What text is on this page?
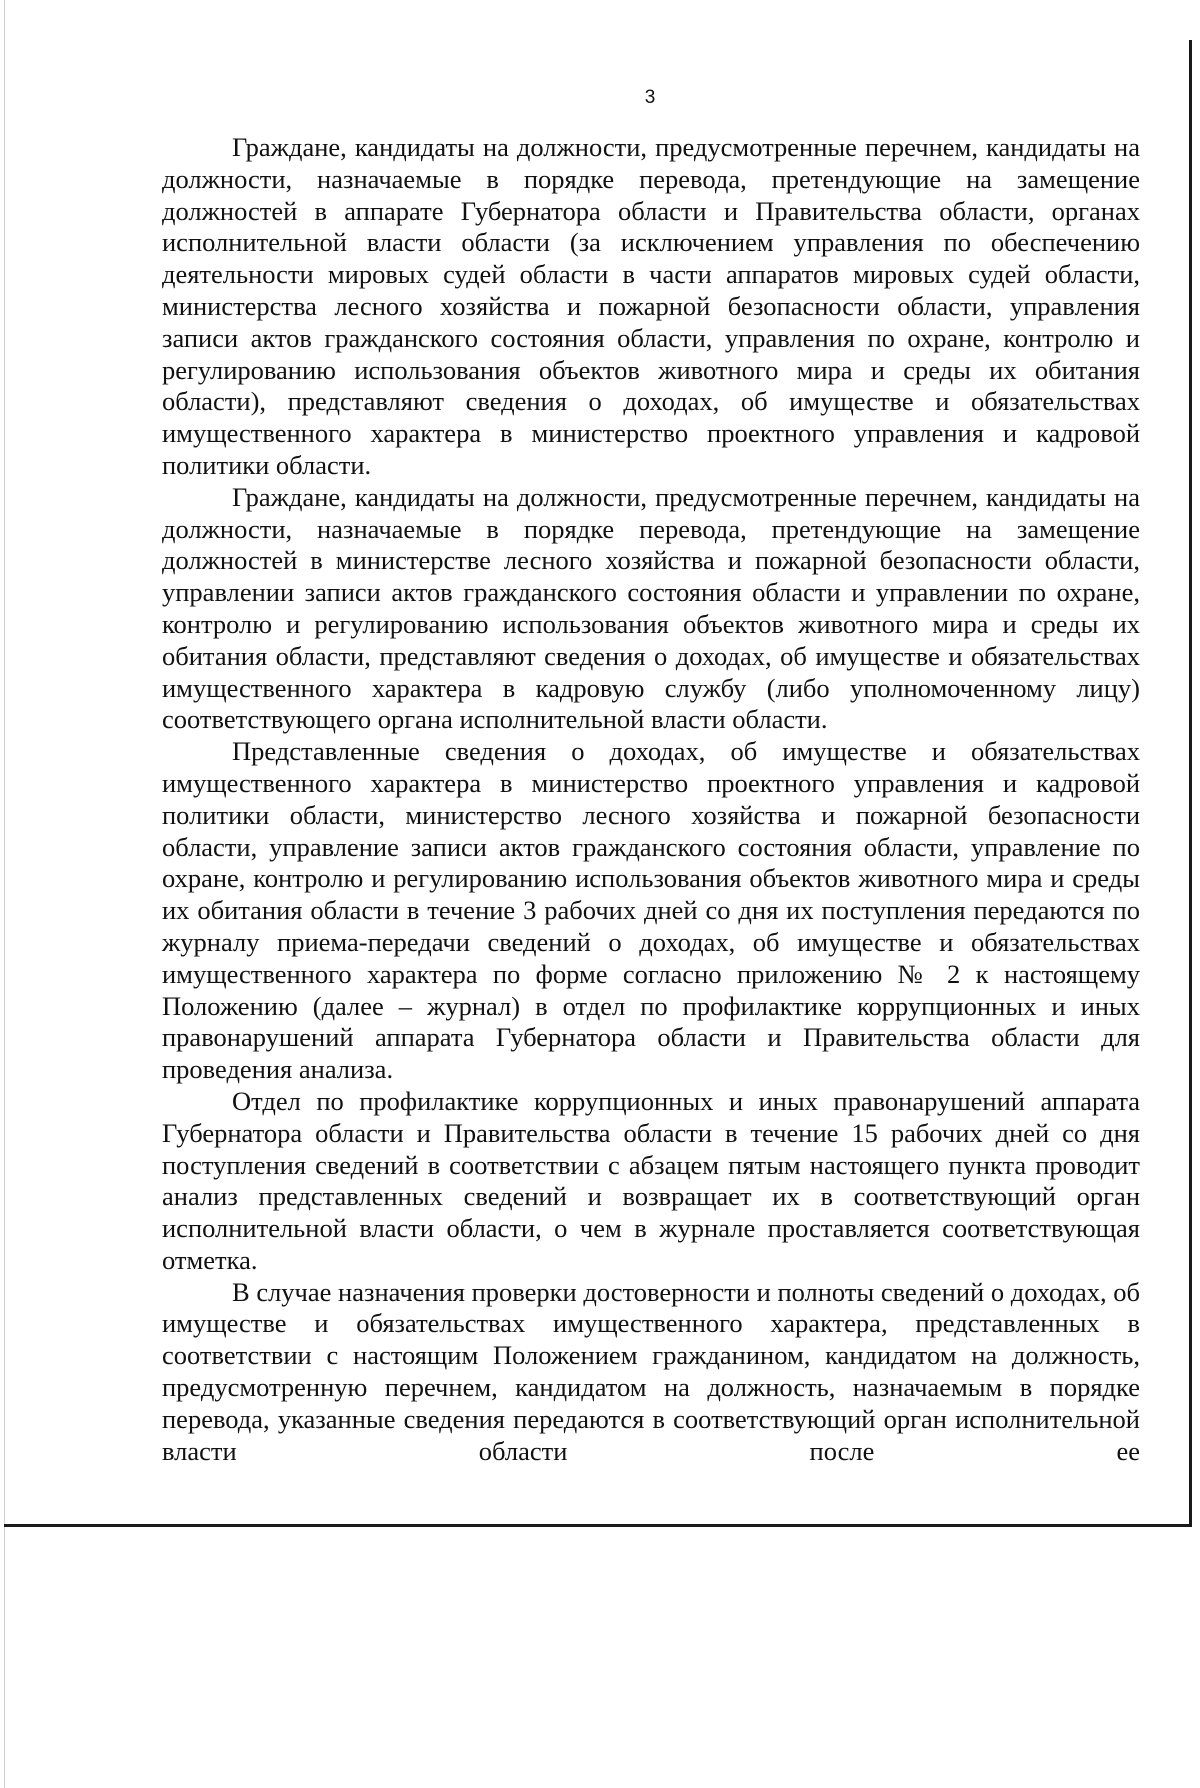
3

Граждане, кандидаты на должности, предусмотренные перечнем, кандидаты на должности, назначаемые в порядке перевода, претендующие на замещение должностей в аппарате Губернатора области и Правительства области, органах исполнительной власти области (за исключением управления по обеспечению деятельности мировых судей области в части аппаратов мировых судей области, министерства лесного хозяйства и пожарной безопасности области, управления записи актов гражданского состояния области, управления по охране, контролю и регулированию использования объектов животного мира и среды их обитания области), представляют сведения о доходах, об имуществе и обязательствах имущественного характера в министерство проектного управления и кадровой политики области.

Граждане, кандидаты на должности, предусмотренные перечнем, кандидаты на должности, назначаемые в порядке перевода, претендующие на замещение должностей в министерстве лесного хозяйства и пожарной безопасности области, управлении записи актов гражданского состояния области и управлении по охране, контролю и регулированию использования объектов животного мира и среды их обитания области, представляют сведения о доходах, об имуществе и обязательствах имущественного характера в кадровую службу (либо уполномоченному лицу) соответствующего органа исполнительной власти области.

Представленные сведения о доходах, об имуществе и обязательствах имущественного характера в министерство проектного управления и кадровой политики области, министерство лесного хозяйства и пожарной безопасности области, управление записи актов гражданского состояния области, управление по охране, контролю и регулированию использования объектов животного мира и среды их обитания области в течение 3 рабочих дней со дня их поступления передаются по журналу приема-передачи сведений о доходах, об имуществе и обязательствах имущественного характера по форме согласно приложению № 2 к настоящему Положению (далее – журнал) в отдел по профилактике коррупционных и иных правонарушений аппарата Губернатора области и Правительства области для проведения анализа.

Отдел по профилактике коррупционных и иных правонарушений аппарата Губернатора области и Правительства области в течение 15 рабочих дней со дня поступления сведений в соответствии с абзацем пятым настоящего пункта проводит анализ представленных сведений и возвращает их в соответствующий орган исполнительной власти области, о чем в журнале проставляется соответствующая отметка.

В случае назначения проверки достоверности и полноты сведений о доходах, об имуществе и обязательствах имущественного характера, представленных в соответствии с настоящим Положением гражданином, кандидатом на должность, предусмотренную перечнем, кандидатом на должность, назначаемым в порядке перевода, указанные сведения передаются в соответствующий орган исполнительной власти области после ее
